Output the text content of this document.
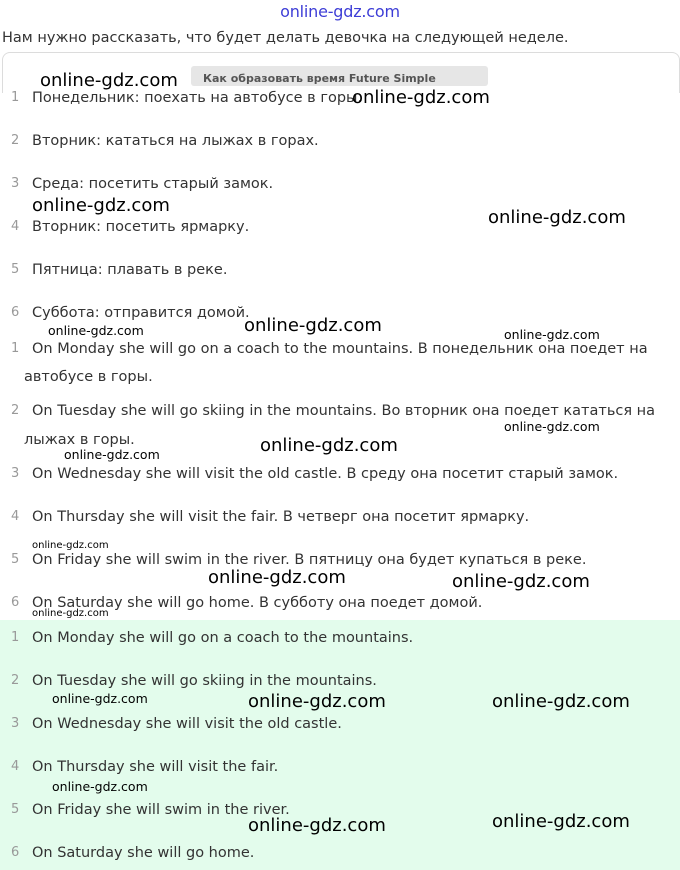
online-gdz.com
Нам нужно рассказать, что будет делать девочка на следующей неделе.
Как образовать время Future Simple
1 Понедельник: поехать на автобусе в горы.
2 Вторник: кататься на лыжах в горах.
3 Среда: посетить старый замок.
4 Вторник: посетить ярмарку.
5 Пятница: плавать в реке.
6 Суббота: отправится домой.
1 On Monday she will go on a coach to the mountains. В понедельник она поедет на
автобусе в горы.
2 On Tuesday she will go skiing in the mountains. Во вторник она поедет кататься на
лыжах в горы.
3 On Wednesday she will visit the old castle. В среду она посетит старый замок.
4 On Thursday she will visit the fair. В четверг она посетит ярмарку.
5 On Friday she will swim in the river. В пятницу она будет купаться в реке.
6 On Saturday she will go home. В субботу она поедет домой.
1 On Monday she will go on a coach to the mountains.
2 On Tuesday she will go skiing in the mountains.
3 On Wednesday she will visit the old castle.
4 On Thursday she will visit the fair.
5 On Friday she will swim in the river.
6 On Saturday she will go home.
online-gdz.com
online-gdz.com
online-gdz.com
online-gdz.com
online-gdz.com	online-gdz.com	online-gdz.com
online-gdz.com
online-gdz.com
online-gdz.com
online-gdz.com
online-gdz.com	online-gdz.com
online-gdz.com
online-gdz.com	online-gdz.com	online-gdz.com
online-gdz.com
online-gdz.com	online-gdz.com
